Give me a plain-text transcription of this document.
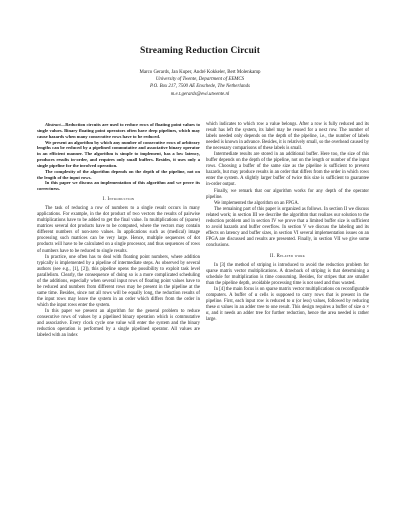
Streaming Reduction Circuit
Marco Gerards, Jan Kuper, André Kokkeler, Bert Molenkamp
University of Twente, Department of EEMCS
P.O. Box 217, 7500 AE Enschede, The Netherlands
m.e.t.gerards@ewi.utwente.nl

Abstract—Reduction circuits are used to reduce rows of floating point values to single values. Binary floating point operators often have deep pipelines, which may cause hazards when many consecutive rows have to be reduced.

We present an algorithm by which any number of consecutive rows of arbitrary lengths can be reduced by a pipelined commutative and associative binary operator in an efficient manner. The algorithm is simple to implement, has a low latency, produces results in-order, and requires only small buffers. Besides, it uses only a single pipeline for the involved operation.

The complexity of the algorithm depends on the depth of the pipeline, not on the length of the input rows.

In this paper we discuss an implementation of this algorithm and we prove its correctness.

I. Introduction

The task of reducing a row of numbers to a single result occurs in many applications. For example, in the dot product of two vectors the results of pairwise multiplications have to be added to get the final value. In multiplications of (sparse) matrices several dot products have to be computed, where the vectors may contain different numbers of non-zero values. In applications such as (medical) image processing such matrices can be very large. Hence, multiple sequences of dot products will have to be calculated on a single processor, and thus sequences of rows of numbers have to be reduced to single results.

In practice, one often has to deal with floating point numbers, where addition typically is implemented by a pipeline of intermediate steps. As observed by several authors (see e.g., [1], [2]), this pipeline opens the possibility to exploit task level parallelism. Clearly, the consequence of doing so is a more complicated scheduling of the additions, especially when several input rows of floating point values have to be reduced and numbers from different rows may be present in the pipeline at the same time. Besides, since not all rows will be equally long, the reduction results of the input rows may leave the system in an order which differs from the order in which the input rows enter the system.

In this paper we present an algorithm for the general problem to reduce consecutive rows of values by a pipelined binary operation which is commutative and associative. Every clock cycle one value will enter the system and the binary reduction operation is performed by a single pipelined operator. All values are labeled with an index

which indicates to which row a value belongs. After a row is fully reduced and its result has left the system, its label may be reused for a next row. The number of labels needed only depends on the depth of the pipeline, i.e., the number of labels needed is known in advance. Besides, it is relatively small, so the overhead caused by the necessary comparisons of these labels is small.

Intermediate results are stored in an additional buffer. Here too, the size of this buffer depends on the depth of the pipeline, not on the length or number of the input rows. Choosing a buffer of the same size as the pipeline is sufficient to prevent hazards, but may produce results in an order that differs from the order in which rows enter the system. A slightly larger buffer of twice this size is sufficient to guarantee in-order output.

Finally, we remark that our algorithm works for any depth of the operator pipeline.

We implemented the algorithm on an FPGA.

The remaining part of this paper is organized as follows. In section II we discuss related work; in section III we describe the algorithm that realizes our solution to the reduction problem and in section IV we prove that a limited buffer size is sufficient to avoid hazards and buffer overflow. In section V we discuss the labeling and its effects on latency and buffer sizes, in section VI several implementation issues on an FPGA are discussed and results are presented. Finally, in section VII we give some conclusions.

II. Related work

In [3] the method of striping is introduced to avoid the reduction problem for sparse matrix vector multiplications. A drawback of striping is that determining a schedule for multiplication is time consuming. Besides, for stripes that are smaller than the pipeline depth, avoidable processing time is not used and thus wasted.

In [4] the main focus is on sparse matrix vector multiplications on reconfigurable computers. A buffer of α cells is supposed to carry rows that is present in the pipeline. First, each input row is reduced to α (or less) values, followed by reducing these α values in an adder tree to one result. This design requires a buffer of size α × α, and it needs an adder tree for further reduction, hence the area needed is rather large.
